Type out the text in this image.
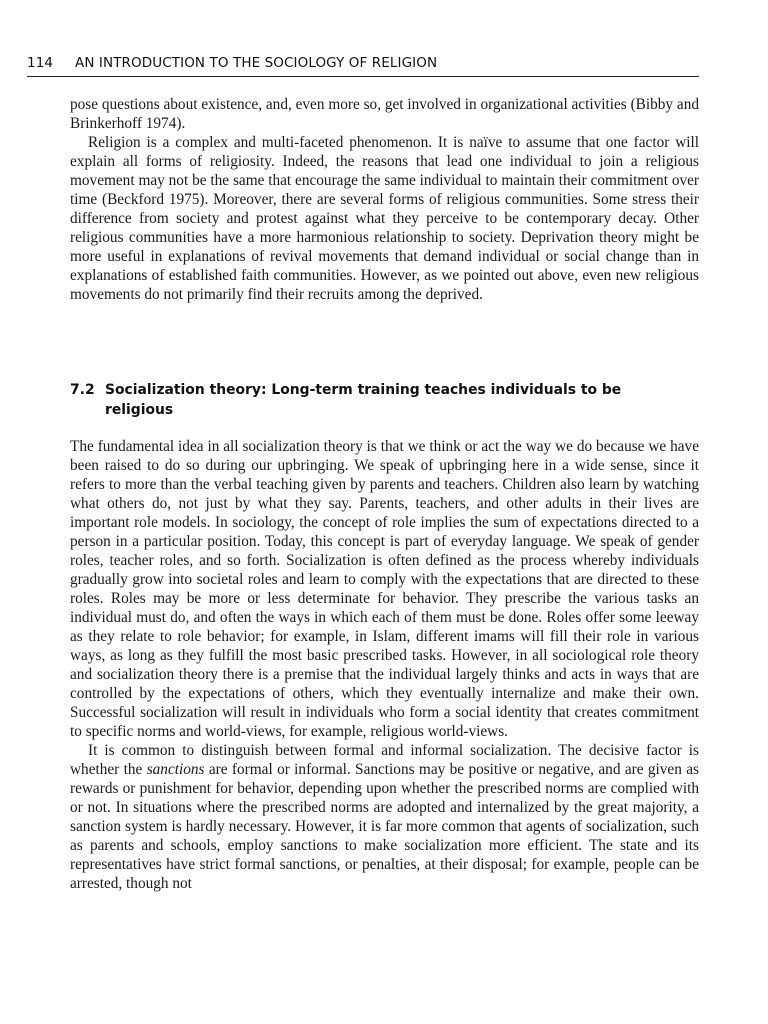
114 AN INTRODUCTION TO THE SOCIOLOGY OF RELIGION

pose questions about existence, and, even more so, get involved in organizational activities (Bibby and Brinkerhoff 1974).

Religion is a complex and multi-faceted phenomenon. It is naïve to assume that one factor will explain all forms of religiosity. Indeed, the reasons that lead one individual to join a religious movement may not be the same that encourage the same individual to maintain their commitment over time (Beckford 1975). Moreover, there are several forms of religious communities. Some stress their difference from society and protest against what they perceive to be contemporary decay. Other religious communities have a more harmonious relationship to society. Deprivation theory might be more useful in explanations of revival movements that demand individual or social change than in explanations of established faith communities. However, as we pointed out above, even new religious movements do not primarily find their recruits among the deprived.

7.2 Socialization theory: Long-term training teaches individuals to be religious

The fundamental idea in all socialization theory is that we think or act the way we do because we have been raised to do so during our upbringing. We speak of upbringing here in a wide sense, since it refers to more than the verbal teaching given by parents and teachers. Children also learn by watching what others do, not just by what they say. Parents, teachers, and other adults in their lives are important role models. In sociology, the concept of role implies the sum of expectations directed to a person in a particular position. Today, this concept is part of everyday language. We speak of gender roles, teacher roles, and so forth. Socialization is often defined as the process whereby individuals gradually grow into societal roles and learn to comply with the expectations that are directed to these roles. Roles may be more or less determinate for behavior. They prescribe the various tasks an individual must do, and often the ways in which each of them must be done. Roles offer some leeway as they relate to role behavior; for example, in Islam, different imams will fill their role in various ways, as long as they fulfill the most basic prescribed tasks. However, in all sociological role theory and socialization theory there is a premise that the individual largely thinks and acts in ways that are controlled by the expectations of others, which they eventually internalize and make their own. Successful socialization will result in individuals who form a social identity that creates commitment to specific norms and world-views, for example, religious world-views.

It is common to distinguish between formal and informal socialization. The decisive factor is whether the sanctions are formal or informal. Sanctions may be positive or negative, and are given as rewards or punishment for behavior, depending upon whether the prescribed norms are complied with or not. In situations where the prescribed norms are adopted and internalized by the great majority, a sanction system is hardly necessary. However, it is far more common that agents of socialization, such as parents and schools, employ sanctions to make socialization more efficient. The state and its representatives have strict formal sanctions, or penalties, at their disposal; for example, people can be arrested, though not
